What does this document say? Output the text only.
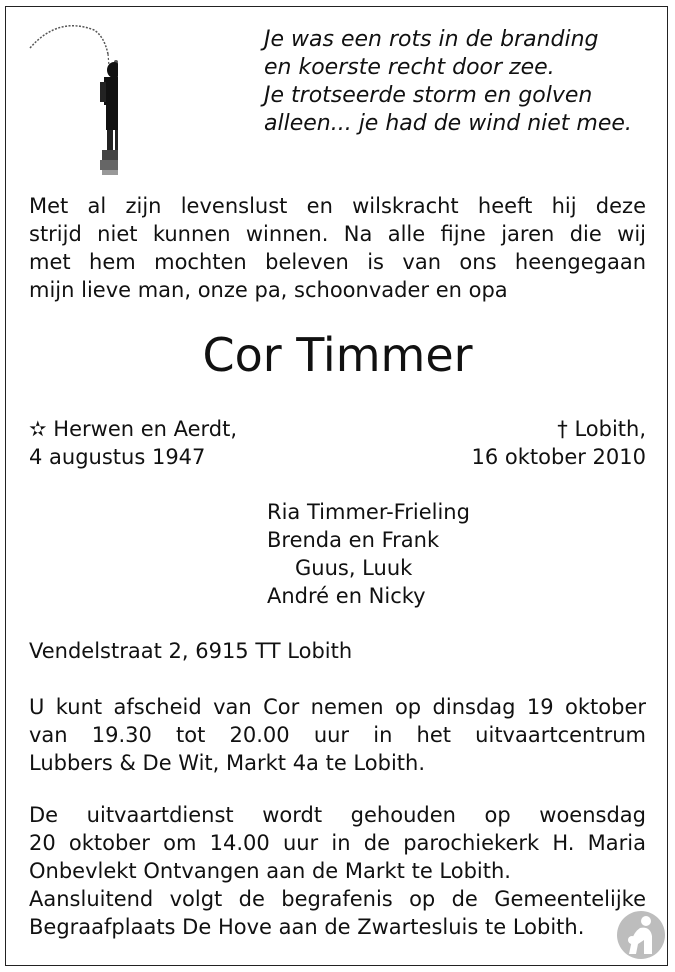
Je was een rots in de branding
en koerste recht door zee.
Je trotseerde storm en golven
alleen... je had de wind niet mee.
Met al zijn levenslust en wilskracht heeft hij deze
strijd niet kunnen winnen. Na alle fijne jaren die wij
met hem mochten beleven is van ons heengegaan
mijn lieve man, onze pa, schoonvader en opa
Cor Timmer
✫ Herwen en Aerdt,
4 augustus 1947
† Lobith,
16 oktober 2010
Ria Timmer-Frieling
Brenda en Frank
Guus, Luuk
André en Nicky
Vendelstraat 2, 6915 TT Lobith
U kunt afscheid van Cor nemen op dinsdag 19 oktober
van 19.30 tot 20.00 uur in het uitvaartcentrum
Lubbers & De Wit, Markt 4a te Lobith.
De uitvaartdienst wordt gehouden op woensdag
20 oktober om 14.00 uur in de parochiekerk H. Maria
Onbevlekt Ontvangen aan de Markt te Lobith.
Aansluitend volgt de begrafenis op de Gemeentelijke
Begraafplaats De Hove aan de Zwartesluis te Lobith.
